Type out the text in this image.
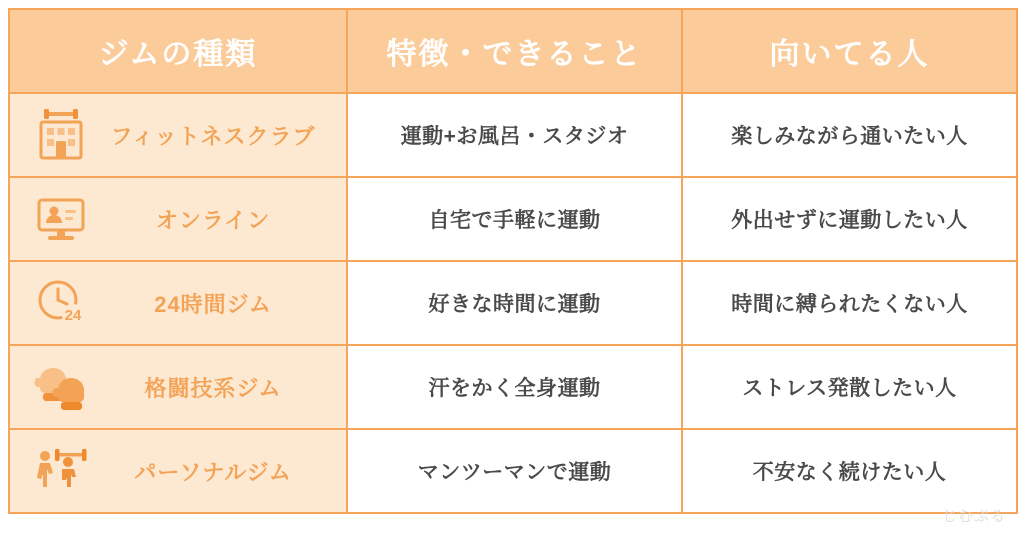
ジムの種類	特徴・できること	向いてる人

フィットネスクラブ	運動+お風呂・スタジオ	楽しみながら通いたい人

オンライン	自宅で手軽に運動	外出せずに運動したい人

24 24時間ジム	好きな時間に運動	時間に縛られたくない人

格闘技系ジム	汗をかく全身運動	ストレス発散したい人

パーソナルジム	マンツーマンで運動	不安なく続けたい人
じむぷる
